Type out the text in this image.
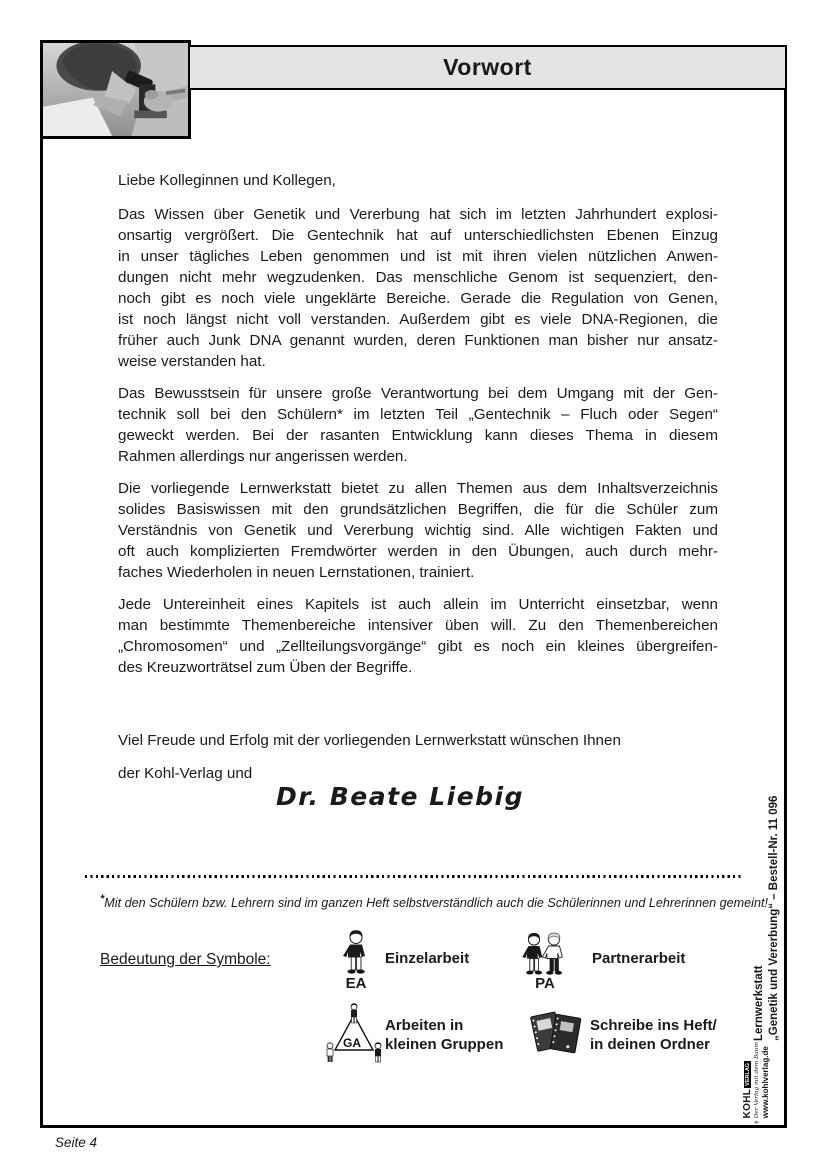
Vorwort
Liebe Kolleginnen und Kollegen,
Das Wissen über Genetik und Vererbung hat sich im letzten Jahrhundert explosi-
onsartig vergrößert. Die Gentechnik hat auf unterschiedlichsten Ebenen Einzug
in unser tägliches Leben genommen und ist mit ihren vielen nützlichen Anwen-
dungen nicht mehr wegzudenken. Das menschliche Genom ist sequenziert, den-
noch gibt es noch viele ungeklärte Bereiche. Gerade die Regulation von Genen,
ist noch längst nicht voll verstanden. Außerdem gibt es viele DNA-Regionen, die
früher auch Junk DNA genannt wurden, deren Funktionen man bisher nur ansatz-
weise verstanden hat.
Das Bewusstsein für unsere große Verantwortung bei dem Umgang mit der Gen-
technik soll bei den Schülern* im letzten Teil „Gentechnik – Fluch oder Segen“
geweckt werden. Bei der rasanten Entwicklung kann dieses Thema in diesem
Rahmen allerdings nur angerissen werden.
Die vorliegende Lernwerkstatt bietet zu allen Themen aus dem Inhaltsverzeichnis
solides Basiswissen mit den grundsätzlichen Begriffen, die für die Schüler zum
Verständnis von Genetik und Vererbung wichtig sind. Alle wichtigen Fakten und
oft auch komplizierten Fremdwörter werden in den Übungen, auch durch mehr-
faches Wiederholen in neuen Lernstationen, trainiert.
Jede Untereinheit eines Kapitels ist auch allein im Unterricht einsetzbar, wenn
man bestimmte Themenbereiche intensiver üben will. Zu den Themenbereichen
„Chromosomen“ und „Zellteilungsvorgänge“ gibt es noch ein kleines übergreifen-
des Kreuzworträtsel zum Üben der Begriffe.
Viel Freude und Erfolg mit der vorliegenden Lernwerkstatt wünschen Ihnen
der Kohl-Verlag und
Dr. Beate Liebig
*Mit den Schülern bzw. Lehrern sind im ganzen Heft selbstverständlich auch die Schülerinnen und Lehrerinnen gemeint!
Bedeutung der Symbole:
EA
Einzelarbeit
PA
Partnerarbeit
GA
Arbeiten in
kleinen Gruppen
Schreibe ins Heft/
in deinen Ordner
Lernwerkstatt „Genetik und Vererbung“ – Bestell-Nr. 11 096
KOHL
VERLAG Der Verlag mit dem Baum www.kohlverlag.de
Seite 4
